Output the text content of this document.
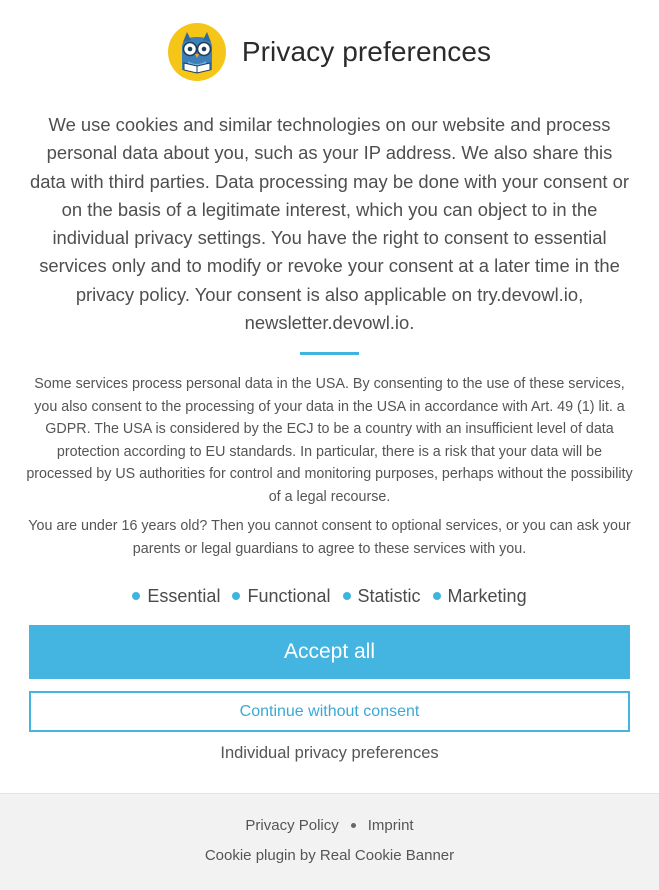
Privacy preferences

We use cookies and similar technologies on our website and process personal data about you, such as your IP address. We also share this data with third parties. Data processing may be done with your consent or on the basis of a legitimate interest, which you can object to in the individual privacy settings. You have the right to consent to essential services only and to modify or revoke your consent at a later time in the privacy policy. Your consent is also applicable on try.devowl.io, newsletter.devowl.io.

Some services process personal data in the USA. By consenting to the use of these services, you also consent to the processing of your data in the USA in accordance with Art. 49 (1) lit. a GDPR. The USA is considered by the ECJ to be a country with an insufficient level of data protection according to EU standards. In particular, there is a risk that your data will be processed by US authorities for control and monitoring purposes, perhaps without the possibility of a legal recourse.

You are under 16 years old? Then you cannot consent to optional services, or you can ask your parents or legal guardians to agree to these services with you.

Essential Functional Statistic Marketing
Accept all
Continue without consent
Individual privacy preferences
Privacy Policy Imprint
Cookie plugin by Real Cookie Banner
